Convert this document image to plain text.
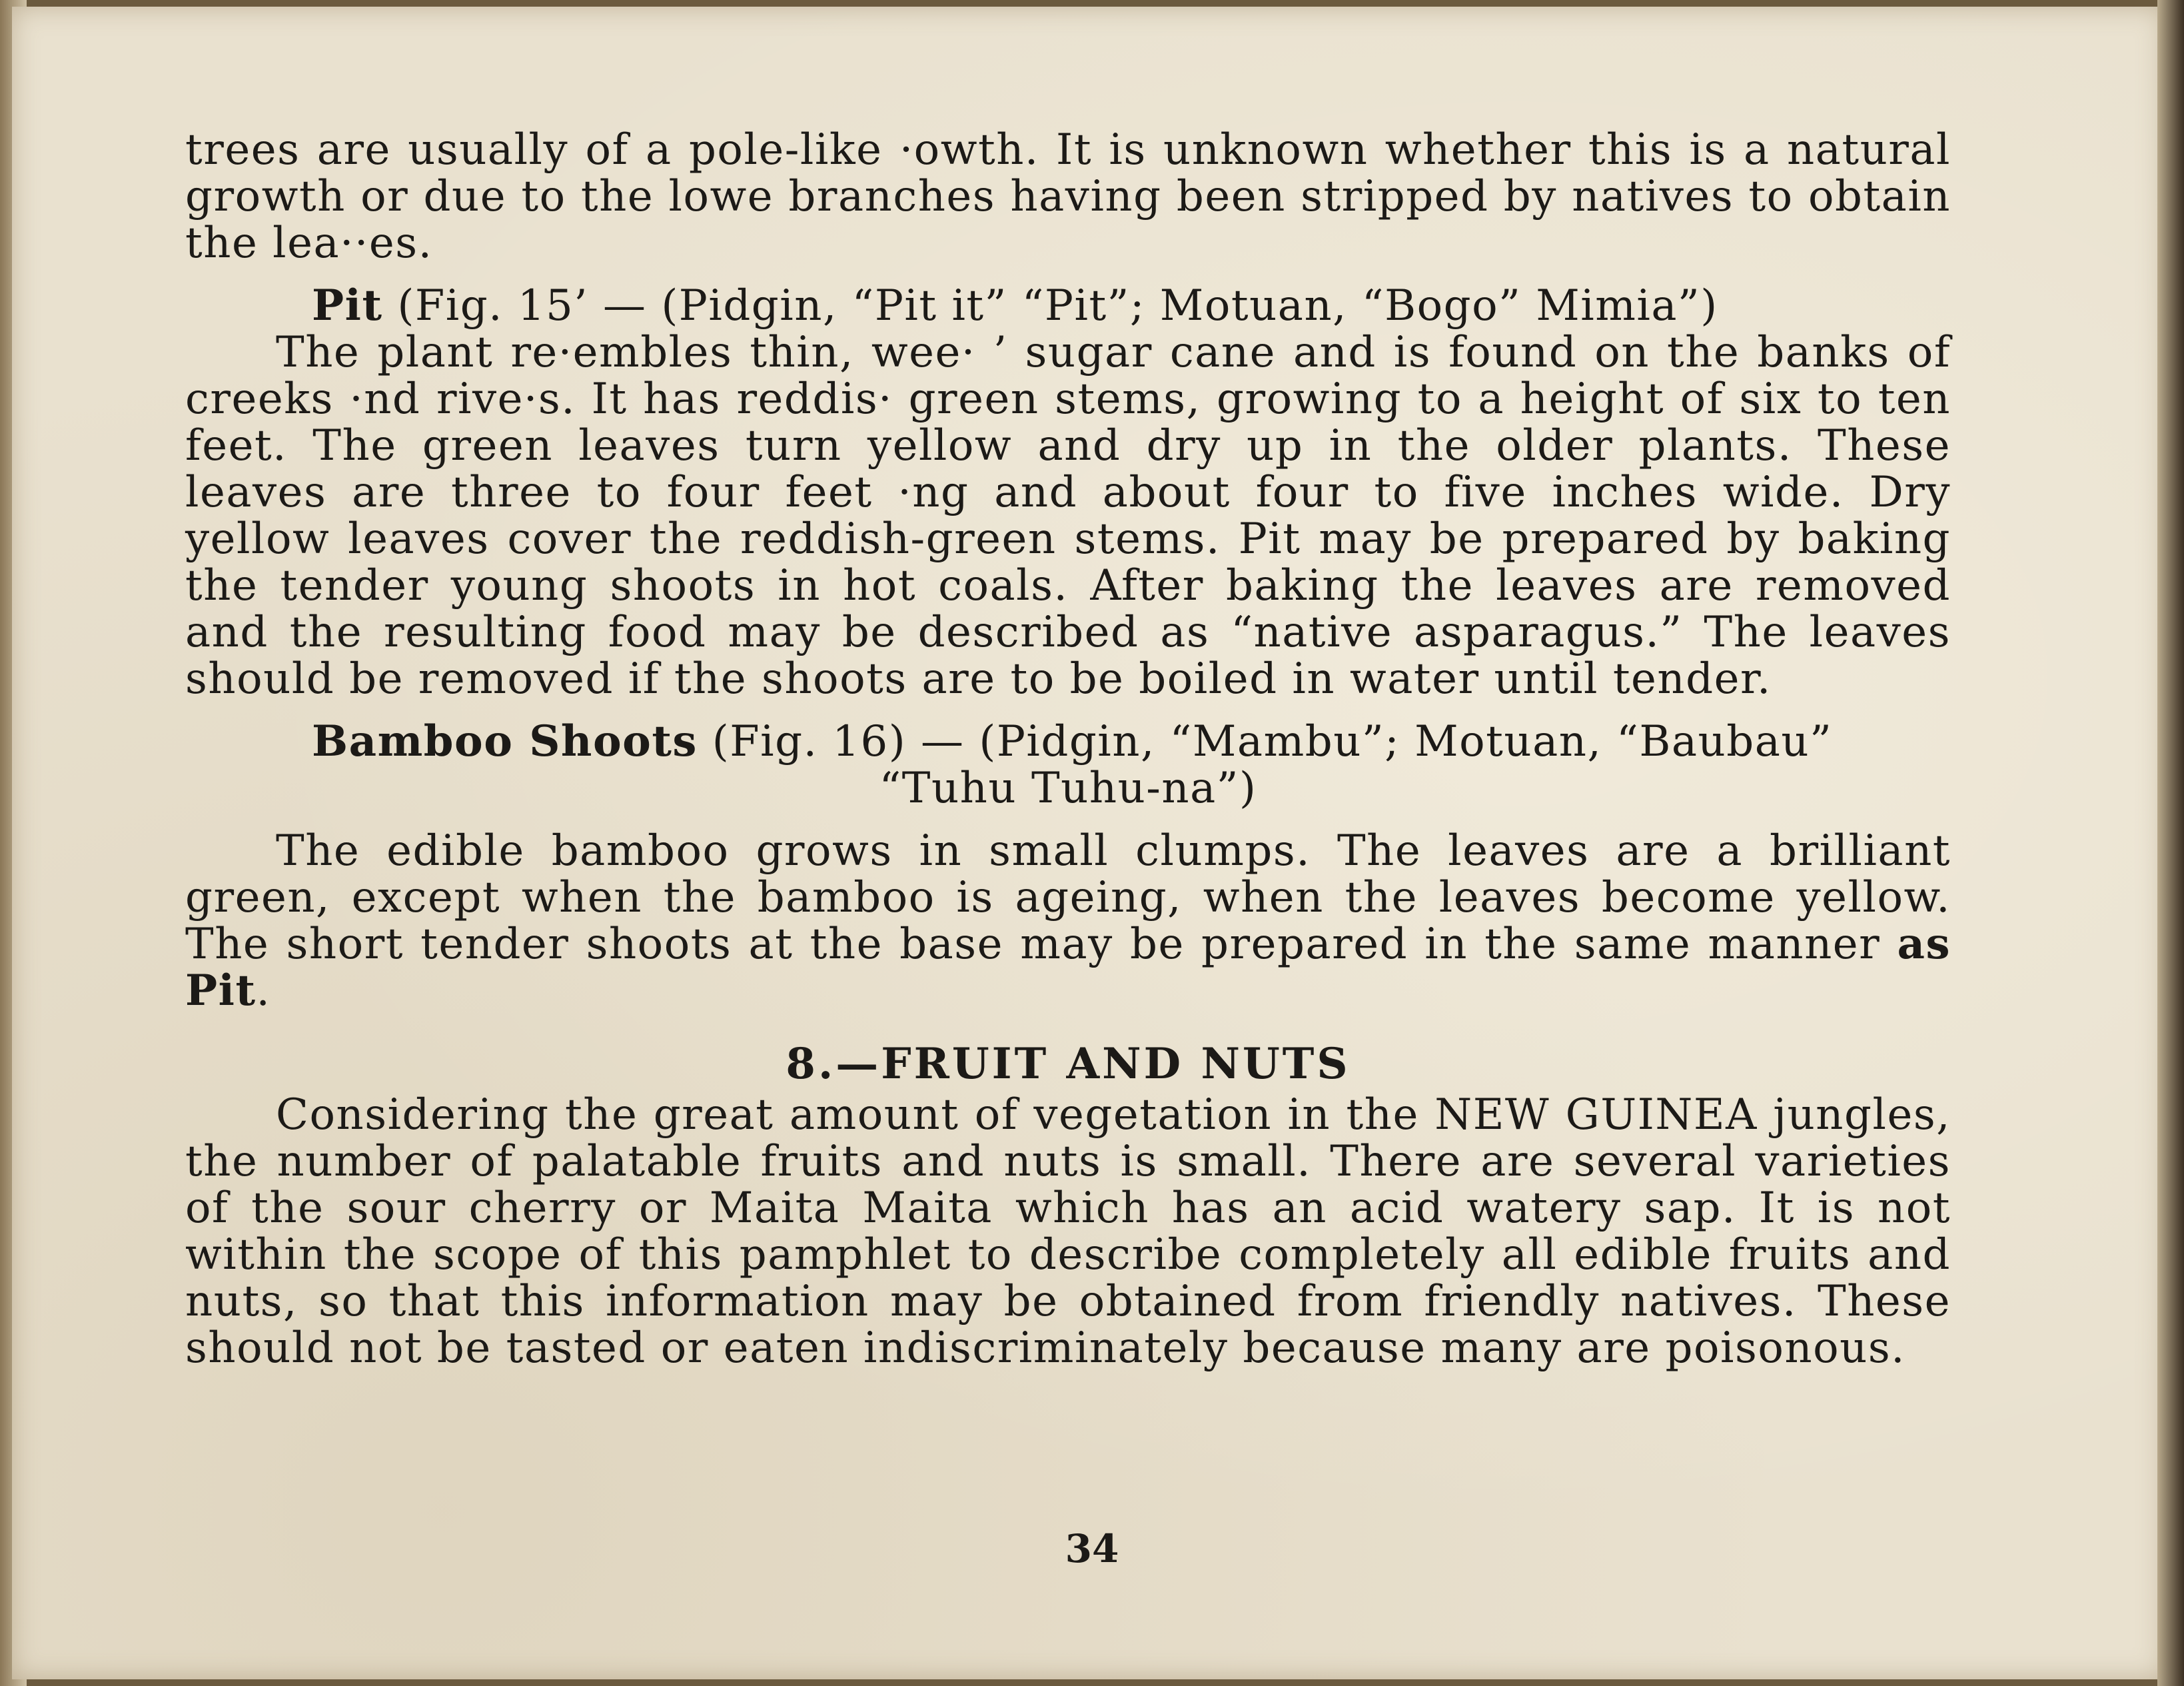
trees are usually of a pole-like ·owth. It is unknown whether this is a natural growth or due to the lowe branches having been stripped by natives to obtain the lea··es.

Pit (Fig. 15’ — (Pidgin, “Pit it” “Pit”; Motuan, “Bogo” Mimia”)

The plant re·embles thin, wee· ’ sugar cane and is found on the banks of creeks ·nd rive·s. It has reddis· green stems, growing to a height of six to ten feet. The green leaves turn yellow and dry up in the older plants. These leaves are three to four feet ·ng and about four to five inches wide. Dry yellow leaves cover the reddish-green stems. Pit may be prepared by baking the tender young shoots in hot coals. After baking the leaves are removed and the resulting food may be described as “native asparagus.” The leaves should be removed if the shoots are to be boiled in water until tender.

Bamboo Shoots (Fig. 16) — (Pidgin, “Mambu”; Motuan, “Baubau”

“Tuhu Tuhu-na”)

The edible bamboo grows in small clumps. The leaves are a brilliant green, except when the bamboo is ageing, when the leaves become yellow. The short tender shoots at the base may be prepared in the same manner as Pit.

8.—FRUIT AND NUTS

Considering the great amount of vegetation in the NEW GUINEA jungles, the number of palatable fruits and nuts is small. There are several varieties of the sour cherry or Maita Maita which has an acid watery sap. It is not within the scope of this pamphlet to describe completely all edible fruits and nuts, so that this information may be obtained from friendly natives. These should not be tasted or eaten indiscriminately because many are poisonous.

34
